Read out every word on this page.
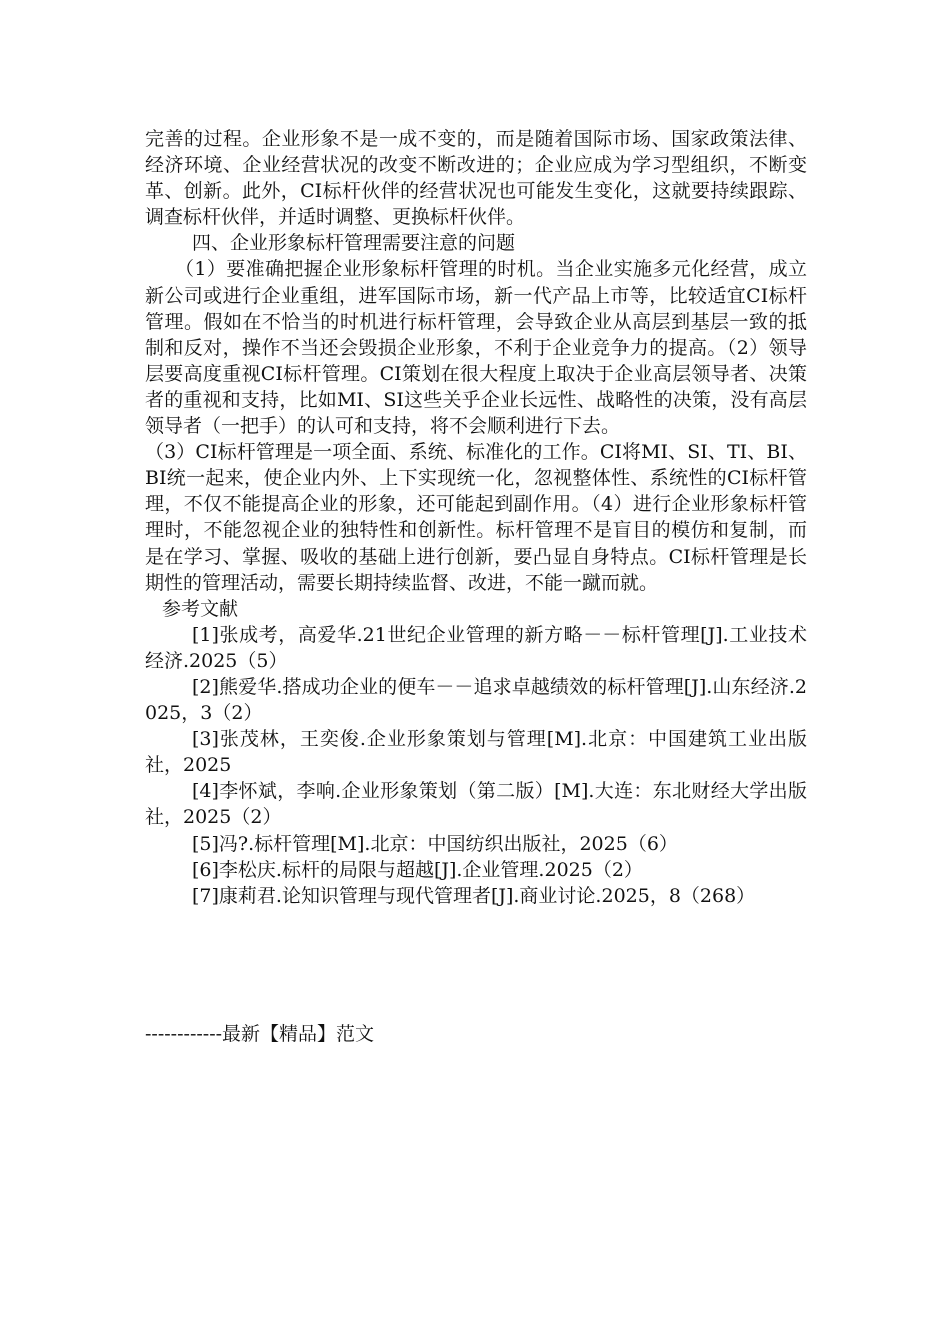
完善的过程。企业形象不是一成不变的，而是随着国际市场、国家政策法律、经济环境、企业经营状况的改变不断改进的；企业应成为学习型组织，不断变革、创新。此外，CI标杆伙伴的经营状况也可能发生变化，这就要持续跟踪、调查标杆伙伴，并适时调整、更换标杆伙伴。

四、企业形象标杆管理需要注意的问题

（1）要准确把握企业形象标杆管理的时机。当企业实施多元化经营，成立新公司或进行企业重组，进军国际市场，新一代产品上市等，比较适宜CI标杆管理。假如在不恰当的时机进行标杆管理，会导致企业从高层到基层一致的抵制和反对，操作不当还会毁损企业形象，不利于企业竞争力的提高。（2）领导层要高度重视CI标杆管理。CI策划在很大程度上取决于企业高层领导者、决策者的重视和支持，比如MI、SI这些关乎企业长远性、战略性的决策，没有高层领导者（一把手）的认可和支持，将不会顺利进行下去。

（3）CI标杆管理是一项全面、系统、标准化的工作。CI将MI、SI、TI、BI、BI统一起来，使企业内外、上下实现统一化，忽视整体性、系统性的CI标杆管理，不仅不能提高企业的形象，还可能起到副作用。（4）进行企业形象标杆管理时，不能忽视企业的独特性和创新性。标杆管理不是盲目的模仿和复制，而是在学习、掌握、吸收的基础上进行创新，要凸显自身特点。CI标杆管理是长期性的管理活动，需要长期持续监督、改进，不能一蹴而就。

参考文献

[1]张成考，高爱华.21世纪企业管理的新方略－－标杆管理[J].工业技术经济.2025（5）

[2]熊爱华.搭成功企业的便车－－追求卓越绩效的标杆管理[J].山东经济.2025，3（2）

[3]张茂林，王奕俊.企业形象策划与管理[M].北京：中国建筑工业出版社，2025

[4]李怀斌，李响.企业形象策划（第二版）[M].大连：东北财经大学出版社，2025（2）

[5]冯?.标杆管理[M].北京：中国纺织出版社，2025（6）

[6]李松庆.标杆的局限与超越[J].企业管理.2025（2）

[7]康莉君.论知识管理与现代管理者[J].商业讨论.2025，8（268）

------------最新【精品】范文
